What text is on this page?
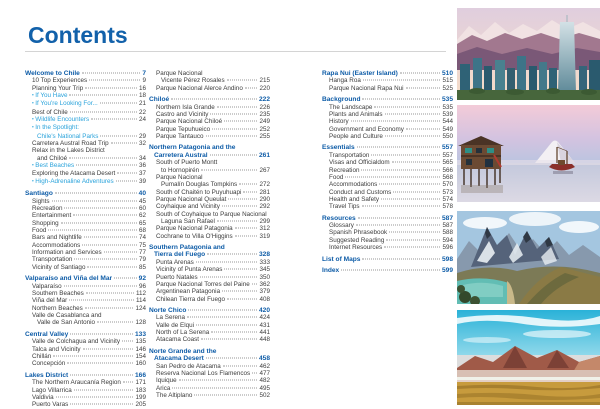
Contents
Welcome to Chile	7
10 Top Experiences	9
Planning Your Trip	16
• If You Have	18
• If You're Looking For...	21
Best of Chile	22
• Wildlife Encounters	24
• In the Spotlight:
Chile's National Parks	29
Carretera Austral Road Trip	32
Relax in the Lakes District
and Chiloé	34
• Best Beaches	36
Exploring the Atacama Desert	37
• High-Adrenaline Adventures	39
Santiago	40
Sights	45
Recreation	60
Entertainment	62
Shopping	65
Food	68
Bars and Nightlife	74
Accommodations	75
Information and Services	77
Transportation	79
Vicinity of Santiago	85
Valparaíso and Viña del Mar	92
Valparaíso	96
Southern Beaches	112
Viña del Mar	114
Northern Beaches	124
Valle de Casablanca and
Valle de San Antonio	128
Central Valley	133
Valle de Colchagua and Vicinity 135
Talca and Vicinity	146
Chillán	154
Concepción	160
Lakes District	166
The Northern Araucanía Region 171
Lago Villarrica	183
Valdivia	199
Puerto Varas	205
Parque Nacional
Vicente Pérez Rosales	215
Parque Nacional Alerce Andino	220
Chiloé	222
Northern Isla Grande	226
Castro and Vicinity	235
Parque Nacional Chiloé	249
Parque Tepuhueico	252
Parque Tantauco	255
Northern Patagonia and the
Carretera Austral	261
South of Puerto Montt
to Hornopirén	267
Parque Nacional
Pumalín Douglas Tompkins	272
South of Chaitén to Puyuhuapi	281
Parque Nacional Queulat	290
Coyhaique and Vicinity	292
South of Coyhaique to Parque Nacional
Laguna San Rafael	299
Parque Nacional Patagonia	312
Cochrane to Villa O'Higgins	319
Southern Patagonia and
Tierra del Fuego	328
Punta Arenas	333
Vicinity of Punta Arenas	345
Puerto Natales	350
Parque Nacional Torres del Paine 362
Argentinean Patagonia	379
Chilean Tierra del Fuego	408
Norte Chico	420
La Serena	424
Valle de Elqui	431
North of La Serena	441
Atacama Coast	448
Norte Grande and the
Atacama Desert	458
San Pedro de Atacama	462
Reserva Nacional Los Flamencos 477
Iquique	482
Arica	495
The Altiplano	502
Rapa Nui (Easter Island)	510
Hanga Roa	515
Parque Nacional Rapa Nui	525
Background	535
The Landscape	535
Plants and Animals	539
History	544
Government and Economy	549
People and Culture	550
Essentials	557
Transportation	557
Visas and Officialdom	565
Recreation	566
Food	568
Accommodations	570
Conduct and Customs	573
Health and Safety	574
Travel Tips	578
Resources	587
Glossary	587
Spanish Phrasebook	588
Suggested Reading	594
Internet Resources	596
List of Maps	598
Index	599
